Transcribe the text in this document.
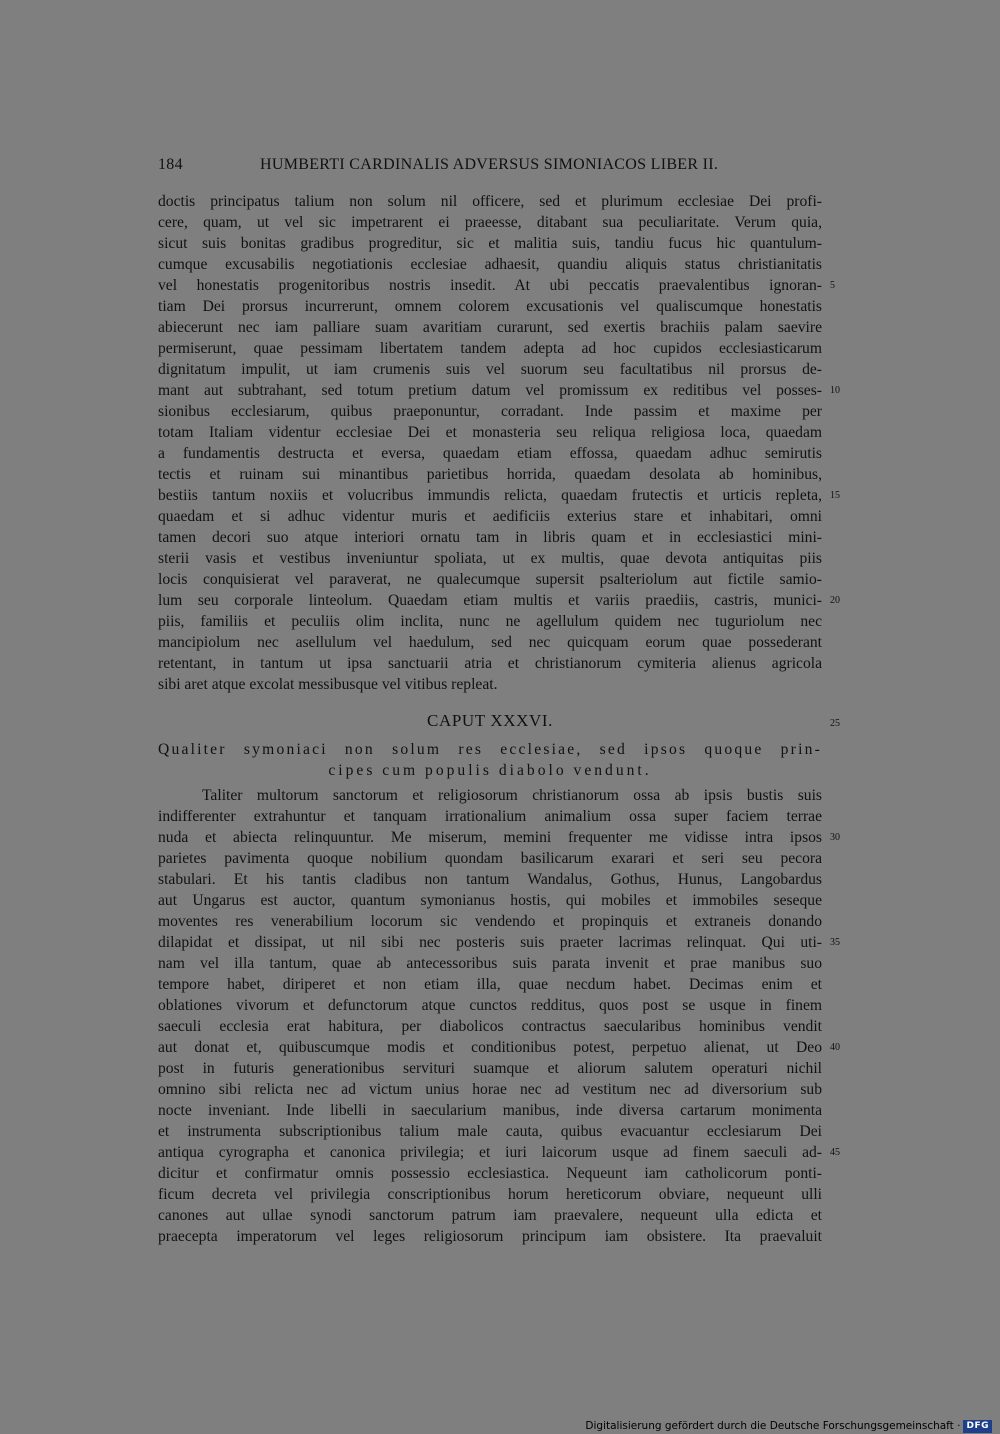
184	HUMBERTI CARDINALIS ADVERSUS SIMONIACOS LIBER II.
doctis principatus talium non solum nil officere, sed et plurimum ecclesiae Dei profi-
cere, quam, ut vel sic impetrarent ei praeesse, ditabant sua peculiaritate. Verum quia,
sicut suis bonitas gradibus progreditur, sic et malitia suis, tandiu fucus hic quantulum-
cumque excusabilis negotiationis ecclesiae adhaesit, quandiu aliquis status christianitatis
vel honestatis progenitoribus nostris insedit. At ubi peccatis praevalentibus ignoran-
tiam Dei prorsus incurrerunt, omnem colorem excusationis vel qualiscumque honestatis
abiecerunt nec iam palliare suam avaritiam curarunt, sed exertis brachiis palam saevire
permiserunt, quae pessimam libertatem tandem adepta ad hoc cupidos ecclesiasticarum
dignitatum impulit, ut iam crumenis suis vel suorum seu facultatibus nil prorsus de-
mant aut subtrahant, sed totum pretium datum vel promissum ex reditibus vel posses-
sionibus ecclesiarum, quibus praeponuntur, corradant. Inde passim et maxime per
totam Italiam videntur ecclesiae Dei et monasteria seu reliqua religiosa loca, quaedam
a fundamentis destructa et eversa, quaedam etiam effossa, quaedam adhuc semirutis
tectis et ruinam sui minantibus parietibus horrida, quaedam desolata ab hominibus,
bestiis tantum noxiis et volucribus immundis relicta, quaedam frutectis et urticis repleta,
quaedam et si adhuc videntur muris et aedificiis exterius stare et inhabitari, omni
tamen decori suo atque interiori ornatu tam in libris quam et in ecclesiastici mini-
sterii vasis et vestibus inveniuntur spoliata, ut ex multis, quae devota antiquitas piis
locis conquisierat vel paraverat, ne qualecumque supersit psalteriolum aut fictile samio-
lum seu corporale linteolum. Quaedam etiam multis et variis praediis, castris, munici-
piis, familiis et peculiis olim inclita, nunc ne agellulum quidem nec tuguriolum nec
mancipiolum nec asellulum vel haedulum, sed nec quicquam eorum quae possederant
retentant, in tantum ut ipsa sanctuarii atria et christianorum cymiteria alienus agricola
sibi aret atque excolat messibusque vel vitibus repleat.
CAPUT XXXVI.
Qualiter symoniaci non solum res ecclesiae, sed ipsos quoque prin-
cipes cum populis diabolo vendunt.
Taliter multorum sanctorum et religiosorum christianorum ossa ab ipsis bustis suis
indifferenter extrahuntur et tanquam irrationalium animalium ossa super faciem terrae
nuda et abiecta relinquuntur. Me miserum, memini frequenter me vidisse intra ipsos
parietes pavimenta quoque nobilium quondam basilicarum exarari et seri seu pecora
stabulari. Et his tantis cladibus non tantum Wandalus, Gothus, Hunus, Langobardus
aut Ungarus est auctor, quantum symonianus hostis, qui mobiles et immobiles seseque
moventes res venerabilium locorum sic vendendo et propinquis et extraneis donando
dilapidat et dissipat, ut nil sibi nec posteris suis praeter lacrimas relinquat. Qui uti-
nam vel illa tantum, quae ab antecessoribus suis parata invenit et prae manibus suo
tempore habet, diriperet et non etiam illa, quae necdum habet. Decimas enim et
oblationes vivorum et defunctorum atque cunctos redditus, quos post se usque in finem
saeculi ecclesia erat habitura, per diabolicos contractus saecularibus hominibus vendit
aut donat et, quibuscumque modis et conditionibus potest, perpetuo alienat, ut Deo
post in futuris generationibus servituri suamque et aliorum salutem operaturi nichil
omnino sibi relicta nec ad victum unius horae nec ad vestitum nec ad diversorium sub
nocte inveniant. Inde libelli in saecularium manibus, inde diversa cartarum monimenta
et instrumenta subscriptionibus talium male cauta, quibus evacuantur ecclesiarum Dei
antiqua cyrographa et canonica privilegia; et iuri laicorum usque ad finem saeculi ad-
dicitur et confirmatur omnis possessio ecclesiastica. Nequeunt iam catholicorum ponti-
ficum decreta vel privilegia conscriptionibus horum hereticorum obviare, nequeunt ulli
canones aut ullae synodi sanctorum patrum iam praevalere, nequeunt ulla edicta et
praecepta imperatorum vel leges religiosorum principum iam obsistere. Ita praevaluit
5
10
15
20
25
30
35
40
45
Digitalisierung gefördert durch die Deutsche Forschungsgemeinschaft · DFG
